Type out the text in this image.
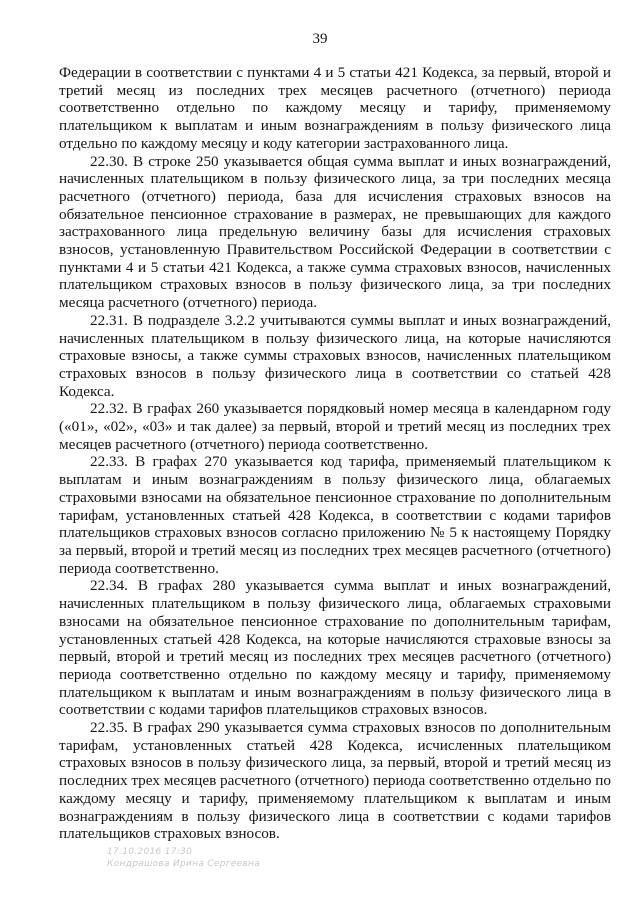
39

Федерации в соответствии с пунктами 4 и 5 статьи 421 Кодекса, за первый, второй и третий месяц из последних трех месяцев расчетного (отчетного) периода соответственно отдельно по каждому месяцу и тарифу, применяемому плательщиком к выплатам и иным вознаграждениям в пользу физического лица отдельно по каждому месяцу и коду категории застрахованного лица.

22.30. В строке 250 указывается общая сумма выплат и иных вознаграждений, начисленных плательщиком в пользу физического лица, за три последних месяца расчетного (отчетного) периода, база для исчисления страховых взносов на обязательное пенсионное страхование в размерах, не превышающих для каждого застрахованного лица предельную величину базы для исчисления страховых взносов, установленную Правительством Российской Федерации в соответствии с пунктами 4 и 5 статьи 421 Кодекса, а также сумма страховых взносов, начисленных плательщиком страховых взносов в пользу физического лица, за три последних месяца расчетного (отчетного) периода.

22.31. В подразделе 3.2.2 учитываются суммы выплат и иных вознаграждений, начисленных плательщиком в пользу физического лица, на которые начисляются страховые взносы, а также суммы страховых взносов, начисленных плательщиком страховых взносов в пользу физического лица в соответствии со статьей 428 Кодекса.

22.32. В графах 260 указывается порядковый номер месяца в календарном году («01», «02», «03» и так далее) за первый, второй и третий месяц из последних трех месяцев расчетного (отчетного) периода соответственно.

22.33. В графах 270 указывается код тарифа, применяемый плательщиком к выплатам и иным вознаграждениям в пользу физического лица, облагаемых страховыми взносами на обязательное пенсионное страхование по дополнительным тарифам, установленных статьей 428 Кодекса, в соответствии с кодами тарифов плательщиков страховых взносов согласно приложению № 5 к настоящему Порядку за первый, второй и третий месяц из последних трех месяцев расчетного (отчетного) периода соответственно.

22.34. В графах 280 указывается сумма выплат и иных вознаграждений, начисленных плательщиком в пользу физического лица, облагаемых страховыми взносами на обязательное пенсионное страхование по дополнительным тарифам, установленных статьей 428 Кодекса, на которые начисляются страховые взносы за первый, второй и третий месяц из последних трех месяцев расчетного (отчетного) периода соответственно отдельно по каждому месяцу и тарифу, применяемому плательщиком к выплатам и иным вознаграждениям в пользу физического лица в соответствии с кодами тарифов плательщиков страховых взносов.

22.35. В графах 290 указывается сумма страховых взносов по дополнительным тарифам, установленных статьей 428 Кодекса, исчисленных плательщиком страховых взносов в пользу физического лица, за первый, второй и третий месяц из последних трех месяцев расчетного (отчетного) периода соответственно отдельно по каждому месяцу и тарифу, применяемому плательщиком к выплатам и иным вознаграждениям в пользу физического лица в соответствии с кодами тарифов плательщиков страховых взносов.

17.10.2016 17:30
Кондрашова Ирина Сергеевна
